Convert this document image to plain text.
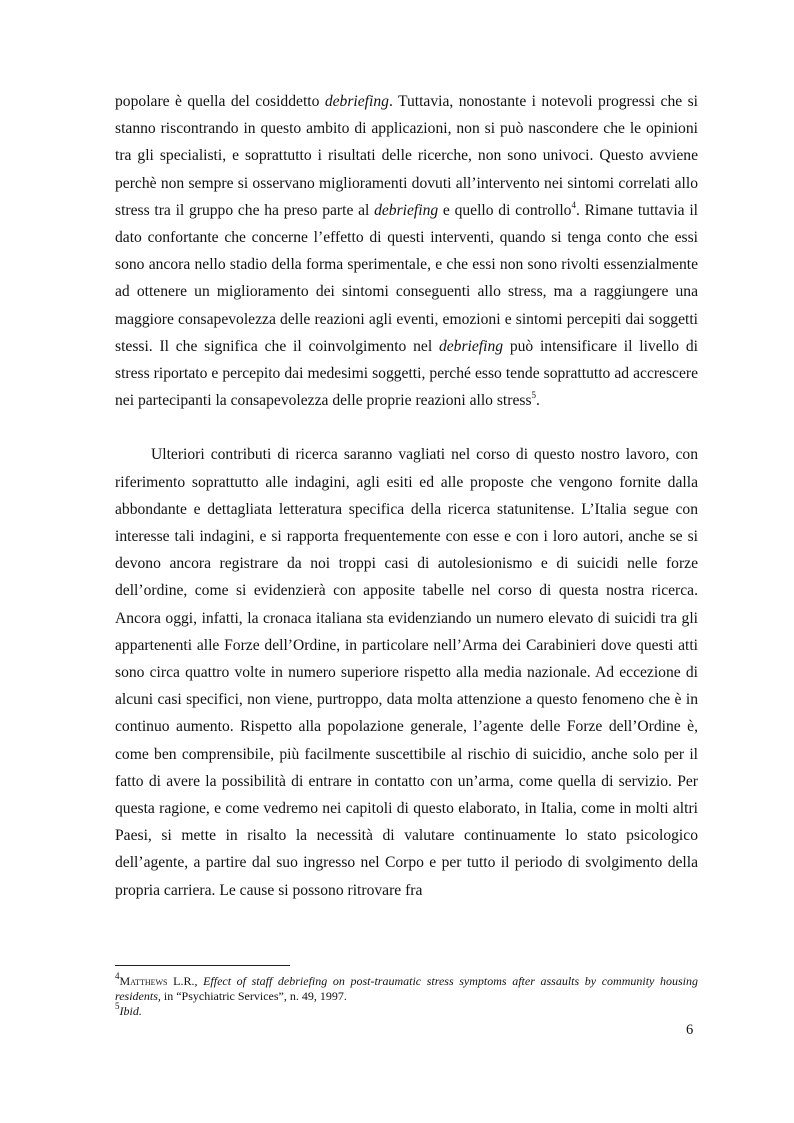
popolare è quella del cosiddetto debriefing. Tuttavia, nonostante i notevoli progressi che si stanno riscontrando in questo ambito di applicazioni, non si può nascondere che le opinioni tra gli specialisti, e soprattutto i risultati delle ricerche, non sono univoci. Questo avviene perchè non sempre si osservano miglioramenti dovuti all’intervento nei sintomi correlati allo stress tra il gruppo che ha preso parte al debriefing e quello di controllo$^4$. Rimane tuttavia il dato confortante che concerne l’effetto di questi interventi, quando si tenga conto che essi sono ancora nello stadio della forma sperimentale, e che essi non sono rivolti essenzialmente ad ottenere un miglioramento dei sintomi conseguenti allo stress, ma a raggiungere una maggiore consapevolezza delle reazioni agli eventi, emozioni e sintomi percepiti dai soggetti stessi. Il che significa che il coinvolgimento nel debriefing può intensificare il livello di stress riportato e percepito dai medesimi soggetti, perché esso tende soprattutto ad accrescere nei partecipanti la consapevolezza delle proprie reazioni allo stress$^5$.

Ulteriori contributi di ricerca saranno vagliati nel corso di questo nostro lavoro, con riferimento soprattutto alle indagini, agli esiti ed alle proposte che vengono fornite dalla abbondante e dettagliata letteratura specifica della ricerca statunitense. L’Italia segue con interesse tali indagini, e si rapporta frequentemente con esse e con i loro autori, anche se si devono ancora registrare da noi troppi casi di autolesionismo e di suicidi nelle forze dell’ordine, come si evidenzierà con apposite tabelle nel corso di questa nostra ricerca. Ancora oggi, infatti, la cronaca italiana sta evidenziando un numero elevato di suicidi tra gli appartenenti alle Forze dell’Ordine, in particolare nell’Arma dei Carabinieri dove questi atti sono circa quattro volte in numero superiore rispetto alla media nazionale. Ad eccezione di alcuni casi specifici, non viene, purtroppo, data molta attenzione a questo fenomeno che è in continuo aumento. Rispetto alla popolazione generale, l’agente delle Forze dell’Ordine è, come ben comprensibile, più facilmente suscettibile al rischio di suicidio, anche solo per il fatto di avere la possibilità di entrare in contatto con un’arma, come quella di servizio. Per questa ragione, e come vedremo nei capitoli di questo elaborato, in Italia, come in molti altri Paesi, si mette in risalto la necessità di valutare continuamente lo stato psicologico dell’agente, a partire dal suo ingresso nel Corpo e per tutto il periodo di svolgimento della propria carriera. Le cause si possono ritrovare fra

$^4$Matthews L.R., Effect of staff debriefing on post-traumatic stress symptoms after assaults by community housing residents, in “Psychiatric Services”, n. 49, 1997.

$^5$Ibid.

6
